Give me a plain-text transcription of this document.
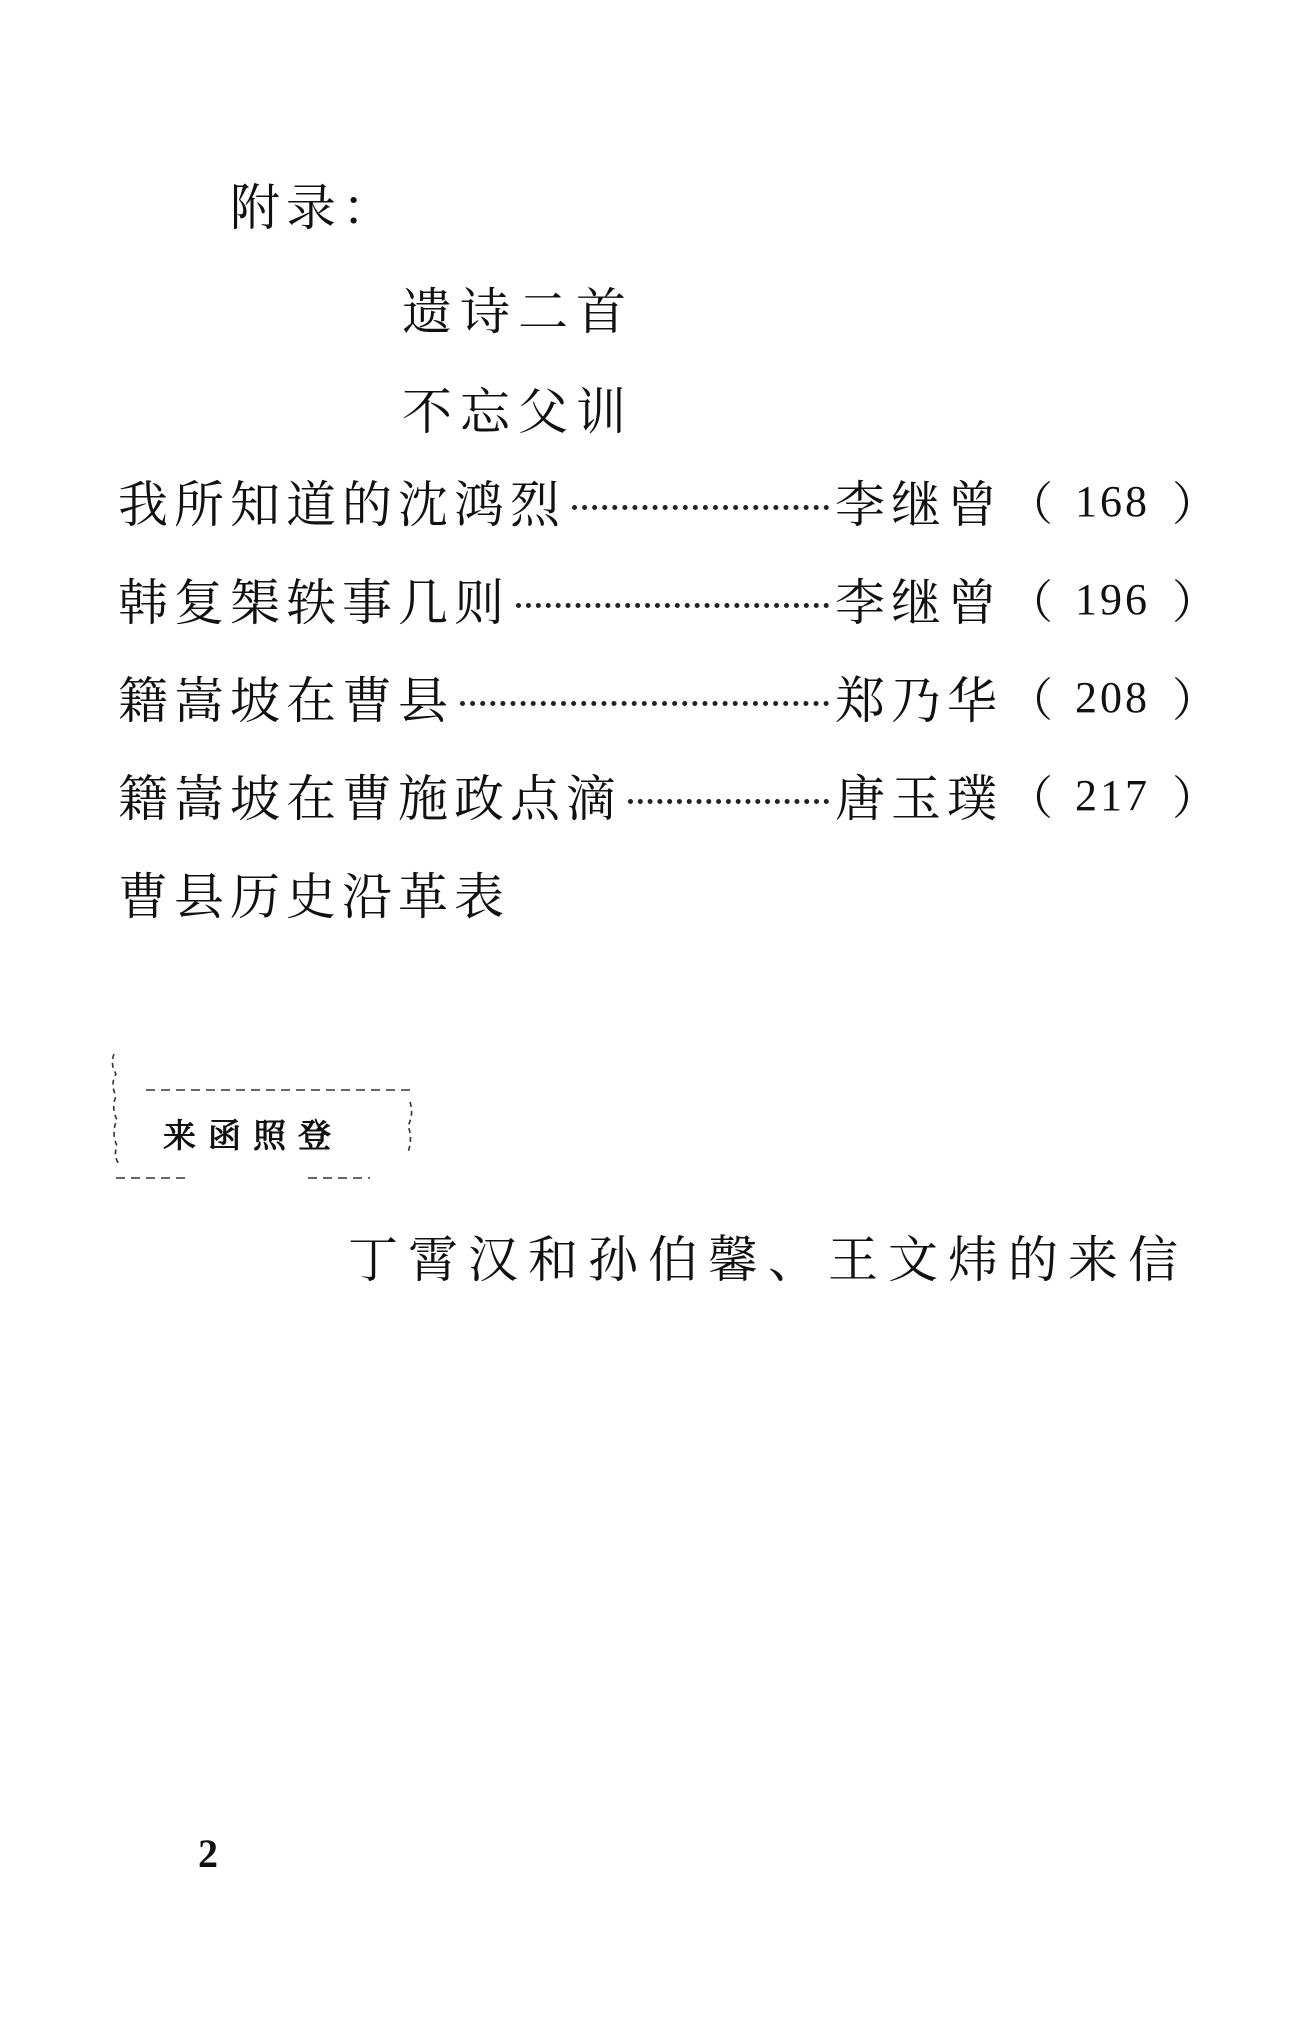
附录：
遗诗二首
不忘父训
我所知道的沈鸿烈	李继曾 （ 168 ）
韩复榘轶事几则	李继曾 （ 196 ）
籍嵩坡在曹县	郑乃华 （ 208 ）
籍嵩坡在曹施政点滴	唐玉璞 （ 217 ）
曹县历史沿革表
来函照登
丁霄汉和孙伯馨、王文炜的来信
2
